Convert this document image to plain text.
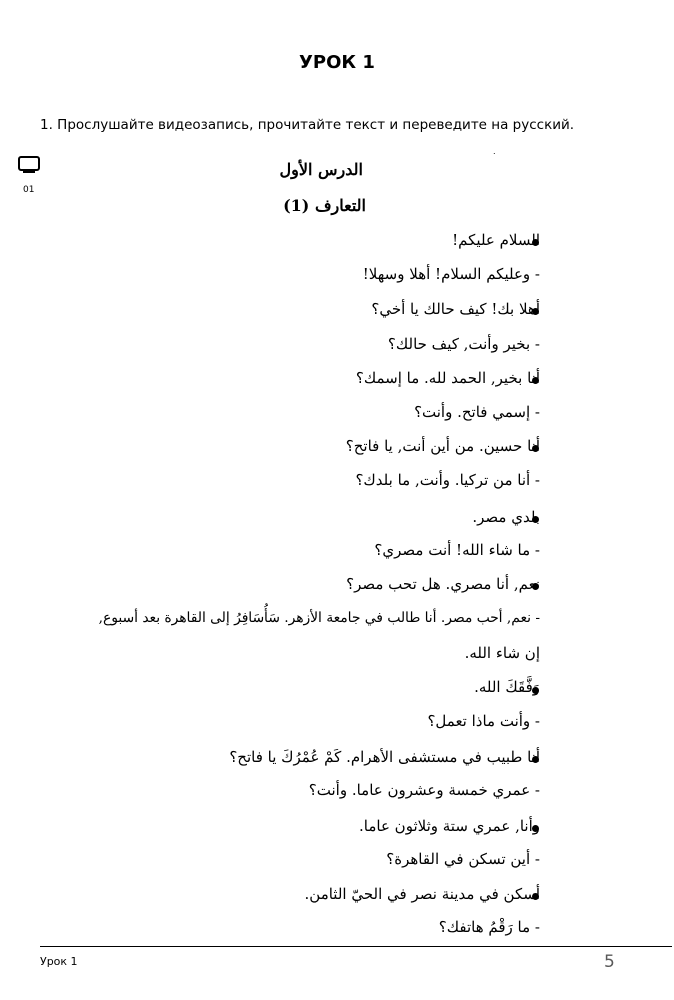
УРОК 1
1. Прослушайте видеозапись, прочитайте текст и переведите на русский.
.
01
الدرس الأول
التعارف (1)
السلام عليكم!
- وعليكم السلام! أهلا وسهلا!
أهلا بك! كيف حالك يا أخي؟
- بخير وأنت, كيف حالك؟
أنا بخير, الحمد لله. ما إسمك؟
- إسمي فاتح. وأنت؟
أنا حسين. من أين أنت, يا فاتح؟
- أنا من تركيا. وأنت, ما بلدك؟
بلدي مصر.
- ما شاء الله! أنت مصري؟
نعم, أنا مصري. هل تحب مصر؟
- نعم, أحب مصر. أنا طالب في جامعة الأزهر. سَأُسَافِرُ إلى القاهرة بعد أسبوع,
إن شاء الله.
وَفَّقَكَ الله.
- وأنت ماذا تعمل؟
أنا طبيب في مستشفى الأهرام. كَمْ عُمْرُكَ يا فاتح؟
- عمري خمسة وعشرون عاما. وأنت؟
وأنا, عمري ستة وثلاثون عاما.
- أين تسكن في القاهرة؟
أسكن في مدينة نصر في الحيّ الثامن.
- ما رَقْمُ هاتفك؟
Урок 1	5
